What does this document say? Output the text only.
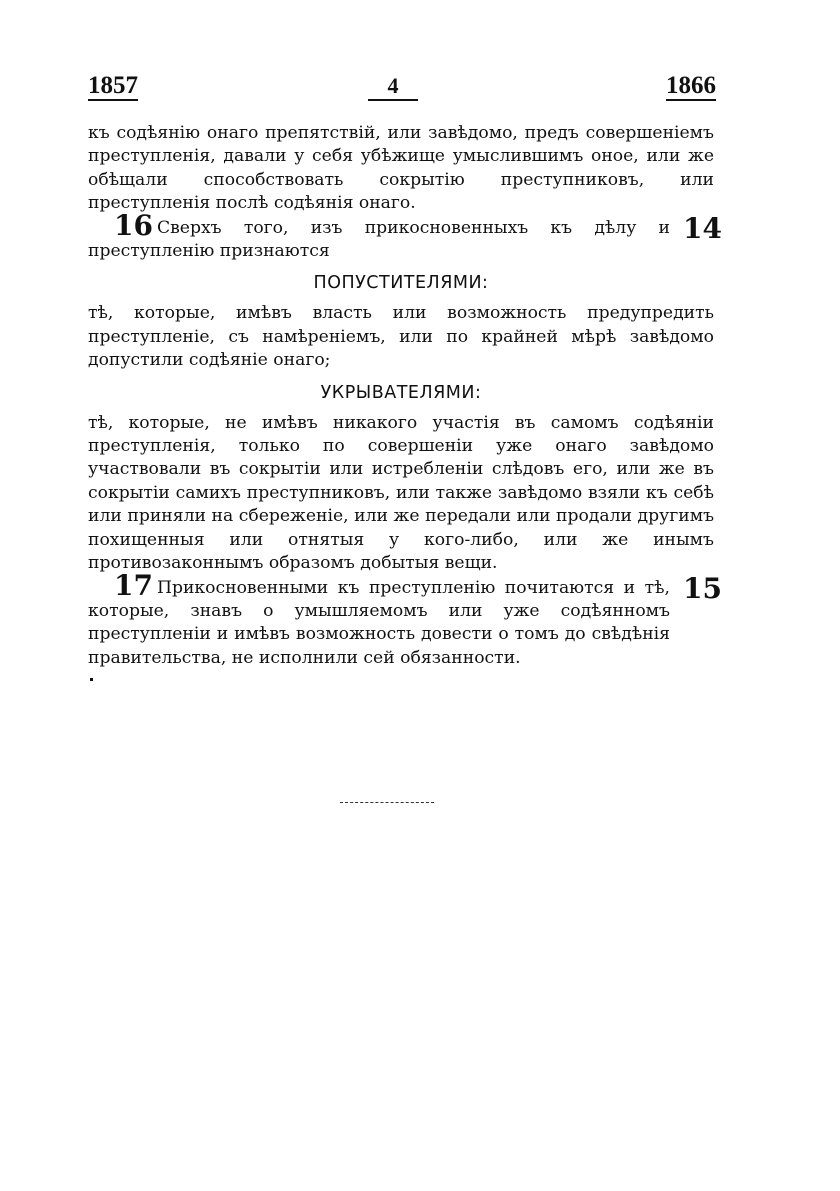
1857	4	1866

къ содѣянію онаго препятствій, или завѣдомо, предъ совершеніемъ преступленія, давали у себя убѣжище умыслившимъ оное, или же обѣщали способствовать сокрытію преступниковъ, или преступленія послѣ содѣянія онаго.

16 Сверхъ того, изъ прикосновенныхъ къ дѣлу и преступленію признаются
14

ПОПУСТИТЕЛЯМИ:

тѣ, которые, имѣвъ власть или возможность предупредить преступленіе, съ намѣреніемъ, или по крайней мѣрѣ завѣдомо допустили содѣяніе онаго;

УКРЫВАТЕЛЯМИ:

тѣ, которые, не имѣвъ никакого участія въ самомъ содѣяніи преступленія, только по совершеніи уже онаго завѣдомо участвовали въ сокрытіи или истребленіи слѣдовъ его, или же въ сокрытіи самихъ преступниковъ, или также завѣдомо взяли къ себѣ или приняли на сбереженіе, или же передали или продали другимъ похищенныя или отнятыя у кого-либо, или же инымъ противозаконнымъ образомъ добытыя вещи.

17 Прикосновенными къ преступленію почитаются и тѣ, которые, знавъ о умышляемомъ или уже содѣянномъ преступленіи и имѣвъ возможность довести о томъ до свѣдѣнія правительства, не исполнили сей обязанности.
15
